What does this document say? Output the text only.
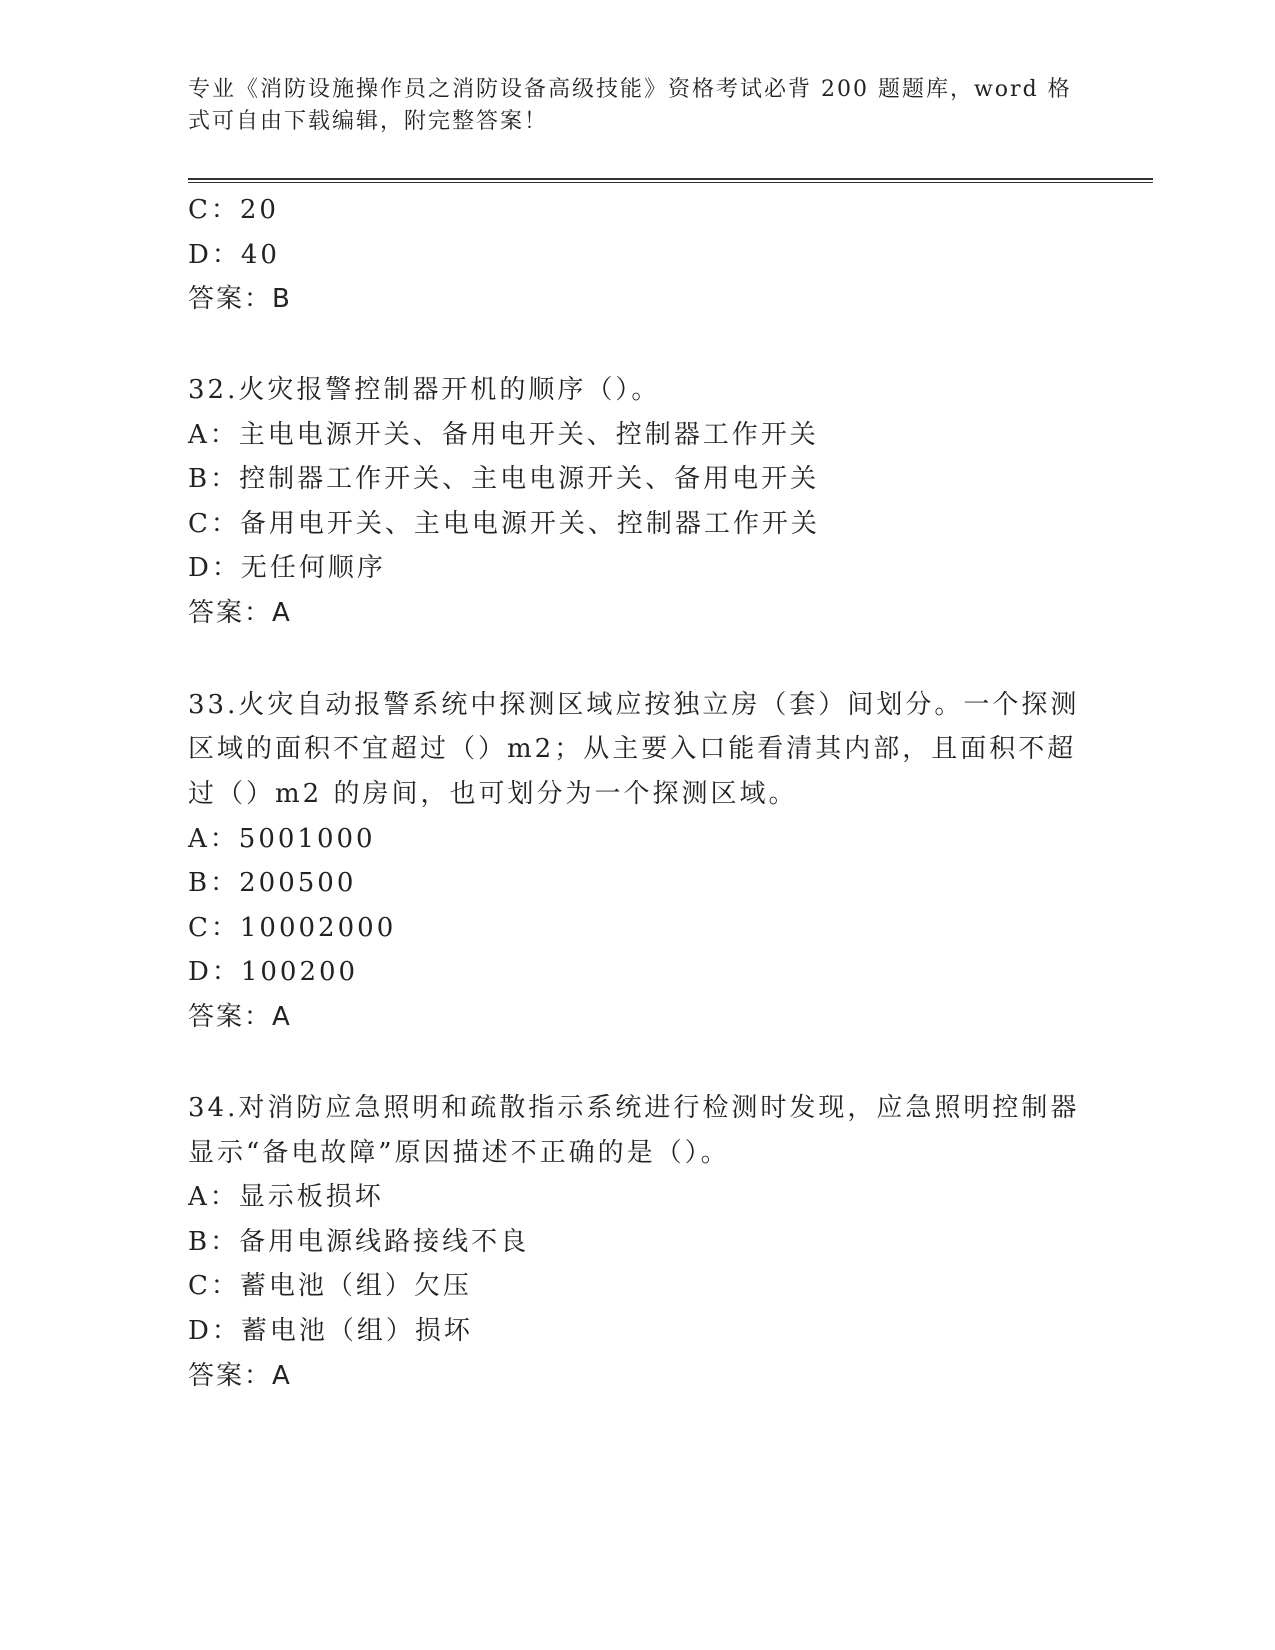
专业《消防设施操作员之消防设备高级技能》资格考试必背 200 题题库，word 格
式可自由下载编辑，附完整答案！
C：20
D：40
答案：B
32.火灾报警控制器开机的顺序（）。
A：主电电源开关、备用电开关、控制器工作开关
B：控制器工作开关、主电电源开关、备用电开关
C：备用电开关、主电电源开关、控制器工作开关
D：无任何顺序
答案：A
33.火灾自动报警系统中探测区域应按独立房（套）间划分。一个探测
区域的面积不宜超过（）m2；从主要入口能看清其内部，且面积不超
过（）m2 的房间，也可划分为一个探测区域。
A：5001000
B：200500
C：10002000
D：100200
答案：A
34.对消防应急照明和疏散指示系统进行检测时发现，应急照明控制器
显示“备电故障”原因描述不正确的是（）。
A：显示板损坏
B：备用电源线路接线不良
C：蓄电池（组）欠压
D：蓄电池（组）损坏
答案：A
